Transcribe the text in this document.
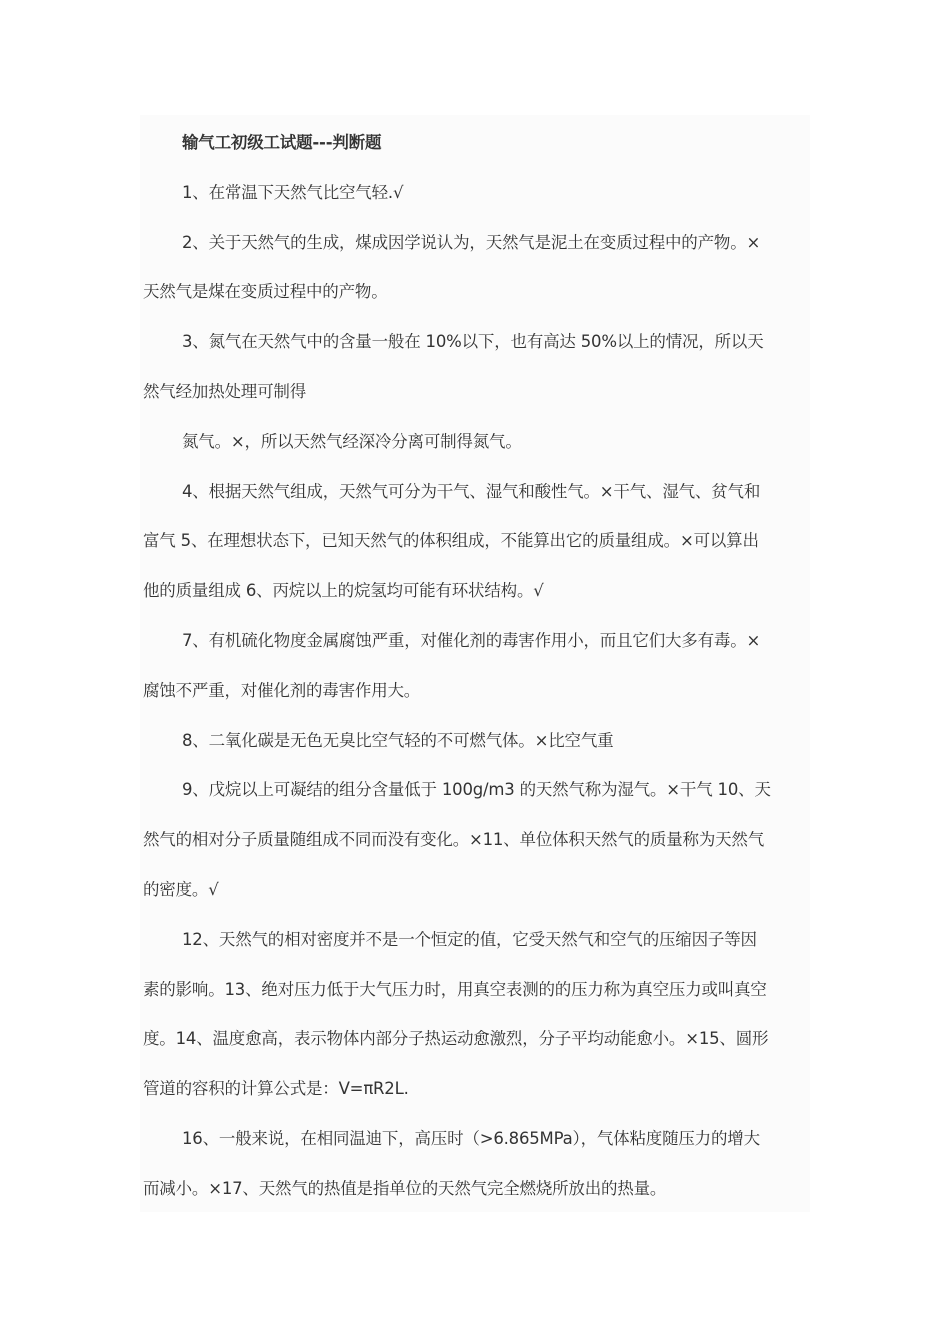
输气工初级工试题---判断题
1、在常温下天然气比空气轻.√
2、关于天然气的生成，煤成因学说认为，天然气是泥土在变质过程中的产物。×
天然气是煤在变质过程中的产物。
3、氮气在天然气中的含量一般在 10%以下，也有高达 50%以上的情况，所以天
然气经加热处理可制得
氮气。×，所以天然气经深冷分离可制得氮气。
4、根据天然气组成，天然气可分为干气、湿气和酸性气。×干气、湿气、贫气和
富气 5、在理想状态下，已知天然气的体积组成，不能算出它的质量组成。×可以算出
他的质量组成 6、丙烷以上的烷氢均可能有环状结构。√
7、有机硫化物度金属腐蚀严重，对催化剂的毒害作用小，而且它们大多有毒。×
腐蚀不严重，对催化剂的毒害作用大。
8、二氧化碳是无色无臭比空气轻的不可燃气体。×比空气重
9、戊烷以上可凝结的组分含量低于 100g/m3 的天然气称为湿气。×干气 10、天
然气的相对分子质量随组成不同而没有变化。×11、单位体积天然气的质量称为天然气
的密度。√
12、天然气的相对密度并不是一个恒定的值，它受天然气和空气的压缩因子等因
素的影响。13、绝对压力低于大气压力时，用真空表测的的压力称为真空压力或叫真空
度。14、温度愈高，表示物体内部分子热运动愈激烈，分子平均动能愈小。×15、圆形
管道的容积的计算公式是：V=πR2L.
16、一般来说，在相同温迪下，高压时（>6.865MPa），气体粘度随压力的增大
而减小。×17、天然气的热值是指单位的天然气完全燃烧所放出的热量。
